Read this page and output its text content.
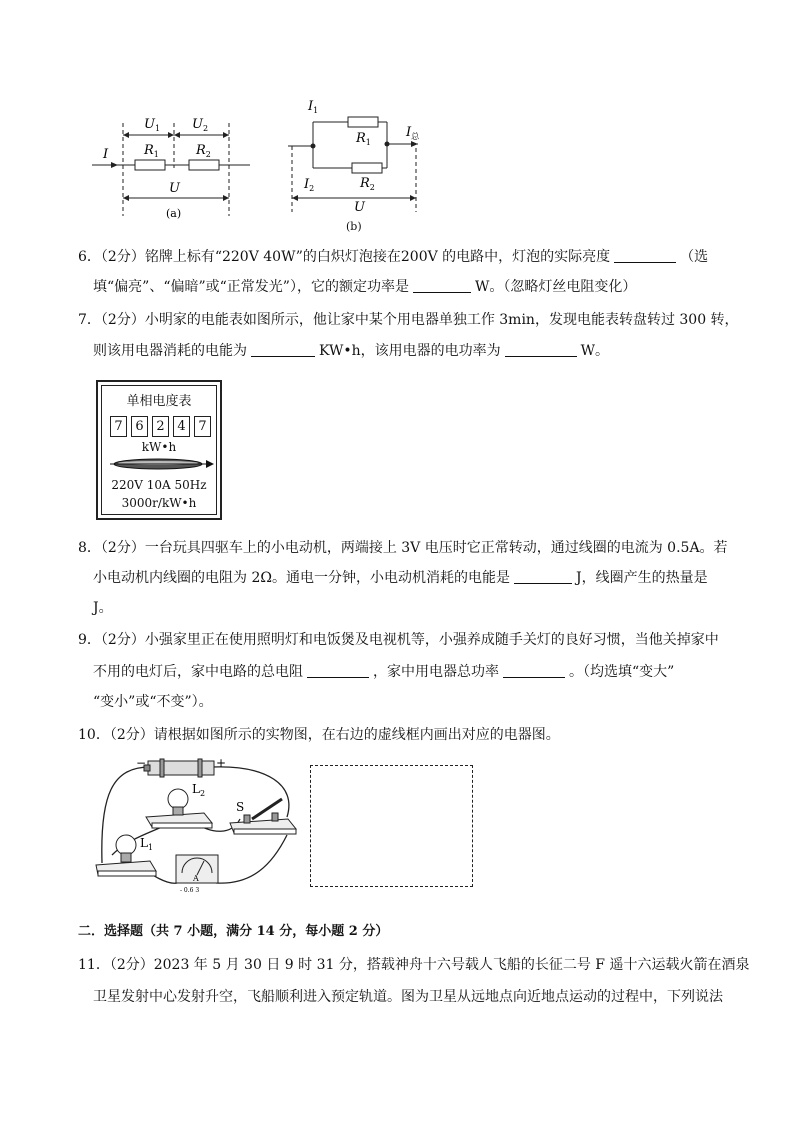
$U_1$ $U_2$
I	$R_1$	$R_2$
U
(a)
$I_1$
$I_2$
$I_总$
$R_1$
$R_2$
U
(b)
6．（2分）铭牌上标有“220V 40W”的白炽灯泡接在200V 的电路中，灯泡的实际亮度	（选
填“偏亮”、“偏暗”或“正常发光”），它的额定功率是	W。（忽略灯丝电阻变化）
7．（2分）小明家的电能表如图所示，他让家中某个用电器单独工作 3min，发现电能表转盘转过 300 转，
则该用电器消耗的电能为	KW•h，该用电器的电功率为	W。
单相电度表
7 6 2 4 7
kW•h
220V 10A 50Hz
3000r/kW•h
8．（2分）一台玩具四驱车上的小电动机，两端接上 3V 电压时它正常转动，通过线圈的电流为 0.5A。若
小电动机内线圈的电阻为 2Ω。通电一分钟，小电动机消耗的电能是	J，线圈产生的热量是
J。
9．（2分）小强家里正在使用照明灯和电饭煲及电视机等，小强养成随手关灯的良好习惯，当他关掉家中
不用的电灯后，家中电路的总电阻	，家中用电器总功率	。（均选填“变大”
“变小”或“不变”）。
10．（2分）请根据如图所示的实物图，在右边的虚线框内画出对应的电器图。
−	+
$L_2$
$L_1$
S
A
- 0.6 3
二．选择题（共 7 小题，满分 14 分，每小题 2 分）
11．（2分）2023 年 5 月 30 日 9 时 31 分，搭载神舟十六号载人飞船的长征二号 F 遥十六运载火箭在酒泉
卫星发射中心发射升空，飞船顺利进入预定轨道。图为卫星从远地点向近地点运动的过程中，下列说法
